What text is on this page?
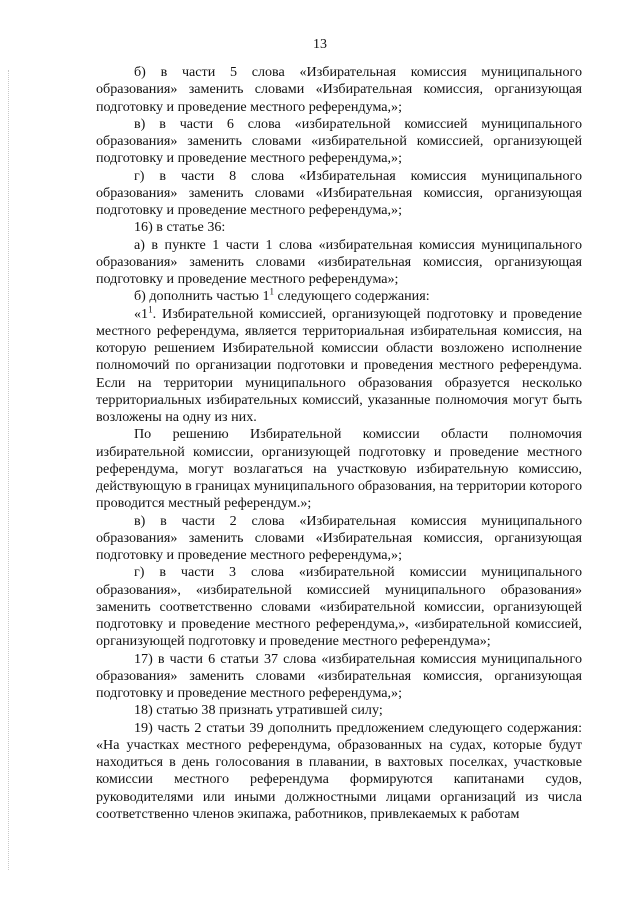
13

б) в части 5 слова «Избирательная комиссия муниципального образования» заменить словами «Избирательная комиссия, организующая подготовку и проведение местного референдума,»;

в) в части 6 слова «избирательной комиссией муниципального образования» заменить словами «избирательной комиссией, организующей подготовку и проведение местного референдума,»;

г) в части 8 слова «Избирательная комиссия муниципального образования» заменить словами «Избирательная комиссия, организующая подготовку и проведение местного референдума,»;

16) в статье 36:

а) в пункте 1 части 1 слова «избирательная комиссия муниципального образования» заменить словами «избирательная комиссия, организующая подготовку и проведение местного референдума»;

б) дополнить частью $1^1$ следующего содержания:

«$1^1$. Избирательной комиссией, организующей подготовку и проведение местного референдума, является территориальная избирательная комиссия, на которую решением Избирательной комиссии области возложено исполнение полномочий по организации подготовки и проведения местного референдума. Если на территории муниципального образования образуется несколько территориальных избирательных комиссий, указанные полномочия могут быть возложены на одну из них.

По решению Избирательной комиссии области полномочия избирательной комиссии, организующей подготовку и проведение местного референдума, могут возлагаться на участковую избирательную комиссию, действующую в границах муниципального образования, на территории которого проводится местный референдум.»;

в) в части 2 слова «Избирательная комиссия муниципального образования» заменить словами «Избирательная комиссия, организующая подготовку и проведение местного референдума,»;

г) в части 3 слова «избирательной комиссии муниципального образования», «избирательной комиссией муниципального образования» заменить соответственно словами «избирательной комиссии, организующей подготовку и проведение местного референдума,», «избирательной комиссией, организующей подготовку и проведение местного референдума»;

17) в части 6 статьи 37 слова «избирательная комиссия муниципального образования» заменить словами «избирательная комиссия, организующая подготовку и проведение местного референдума,»;

18) статью 38 признать утратившей силу;

19) часть 2 статьи 39 дополнить предложением следующего содержания: «На участках местного референдума, образованных на судах, которые будут находиться в день голосования в плавании, в вахтовых поселках, участковые комиссии местного референдума формируются капитанами судов, руководителями или иными должностными лицами организаций из числа соответственно членов экипажа, работников, привлекаемых к работам
